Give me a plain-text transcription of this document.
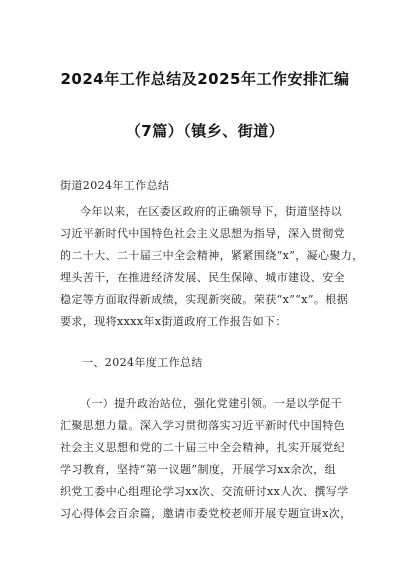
2024年工作总结及2025年工作安排汇编
（7篇）（镇乡、街道）
街道2024年工作总结
今年以来，在区委区政府的正确领导下，街道坚持以
习近平新时代中国特色社会主义思想为指导，深入贯彻党
的二十大、二十届三中全会精神，紧紧围绕“x”，凝心聚力，
埋头苦干，在推进经济发展、民生保障、城市建设、安全
稳定等方面取得新成绩，实现新突破。荣获“x”“x”。根据
要求，现将xxxx年x街道政府工作报告如下：
一、2024年度工作总结
（一）提升政治站位，强化党建引领。一是以学促干
汇聚思想力量。深入学习贯彻落实习近平新时代中国特色
社会主义思想和党的二十届三中全会精神，扎实开展党纪
学习教育，坚持“第一议题”制度，开展学习xx余次，组
织党工委中心组理论学习xx次、交流研讨xx人次、撰写学
习心得体会百余篇，邀请市委党校老师开展专题宣讲x次，
